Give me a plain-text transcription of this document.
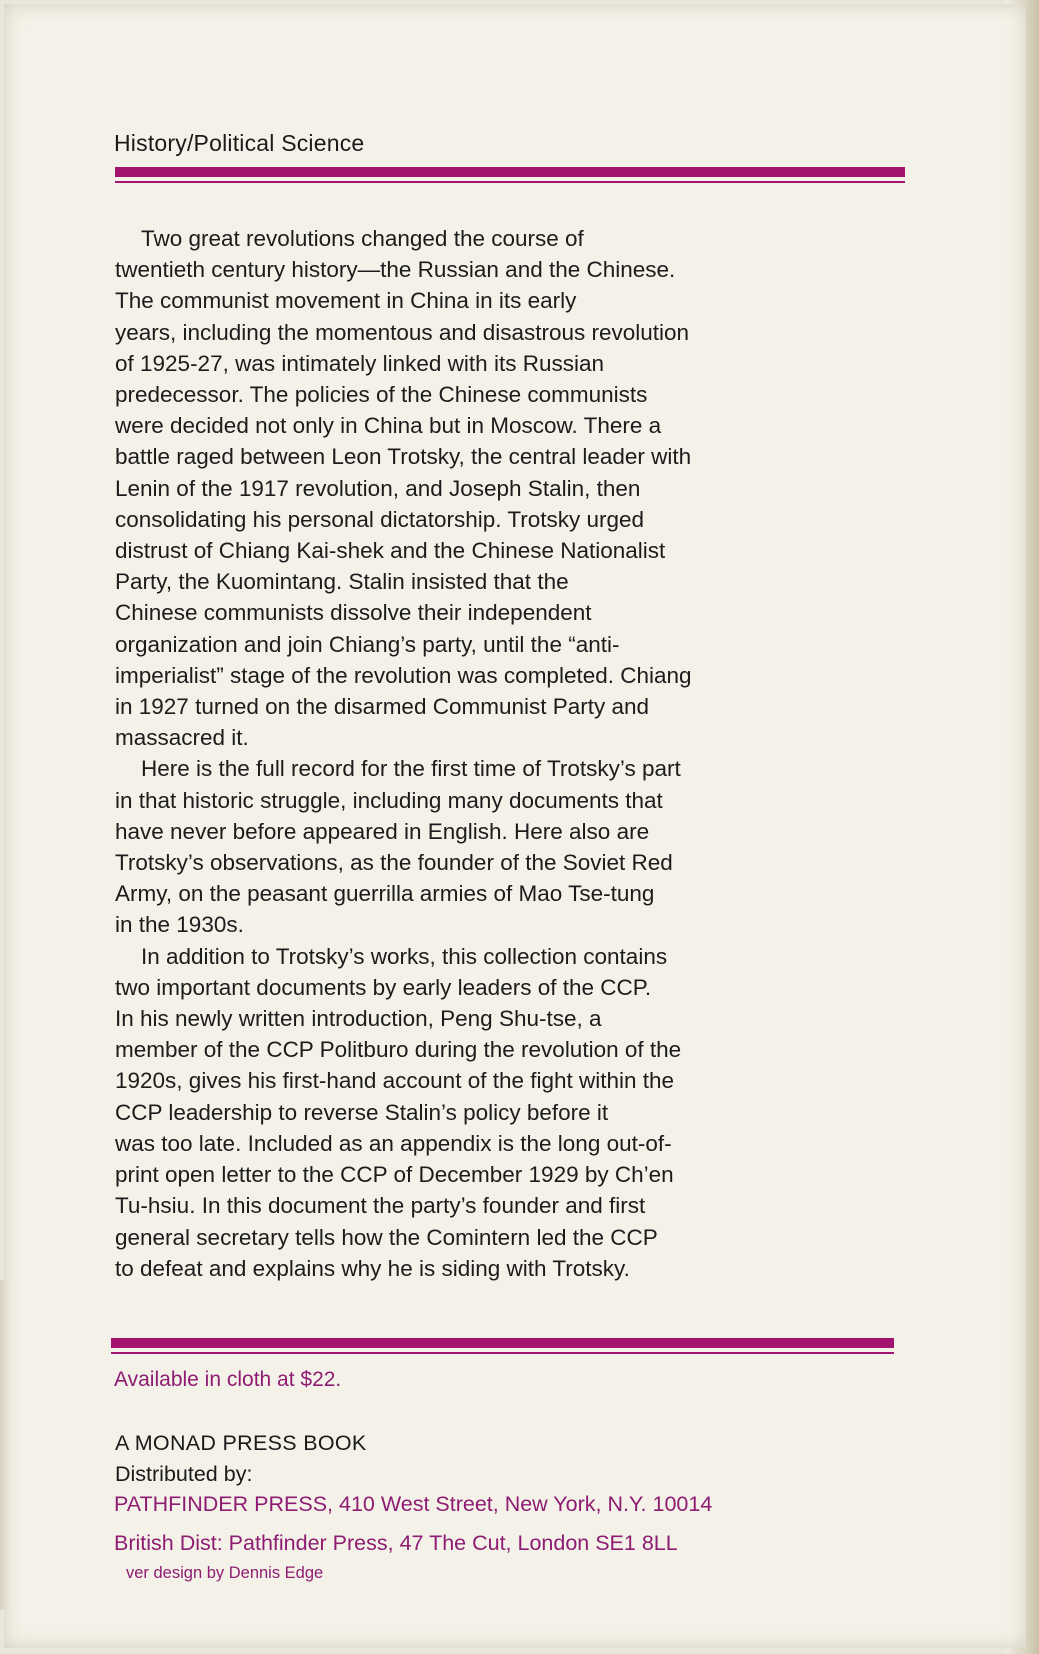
History/Political Science

Two great revolutions changed the course of
twentieth century history—the Russian and the Chinese.
The communist movement in China in its early
years, including the momentous and disastrous revolution
of 1925-27, was intimately linked with its Russian
predecessor. The policies of the Chinese communists
were decided not only in China but in Moscow. There a
battle raged between Leon Trotsky, the central leader with
Lenin of the 1917 revolution, and Joseph Stalin, then
consolidating his personal dictatorship. Trotsky urged
distrust of Chiang Kai-shek and the Chinese Nationalist
Party, the Kuomintang. Stalin insisted that the
Chinese communists dissolve their independent
organization and join Chiang’s party, until the “anti-
imperialist” stage of the revolution was completed. Chiang
in 1927 turned on the disarmed Communist Party and
massacred it.

Here is the full record for the first time of Trotsky’s part
in that historic struggle, including many documents that
have never before appeared in English. Here also are
Trotsky’s observations, as the founder of the Soviet Red
Army, on the peasant guerrilla armies of Mao Tse-tung
in the 1930s.

In addition to Trotsky’s works, this collection contains
two important documents by early leaders of the CCP.
In his newly written introduction, Peng Shu-tse, a
member of the CCP Politburo during the revolution of the
1920s, gives his first-hand account of the fight within the
CCP leadership to reverse Stalin’s policy before it
was too late. Included as an appendix is the long out-of-
print open letter to the CCP of December 1929 by Ch’en
Tu-hsiu. In this document the party’s founder and first
general secretary tells how the Comintern led the CCP
to defeat and explains why he is siding with Trotsky.

Available in cloth at $22.
A MONAD PRESS BOOK
Distributed by:
PATHFINDER PRESS, 410 West Street, New York, N.Y. 10014
British Dist: Pathfinder Press, 47 The Cut, London SE1 8LL
ver design by Dennis Edge
